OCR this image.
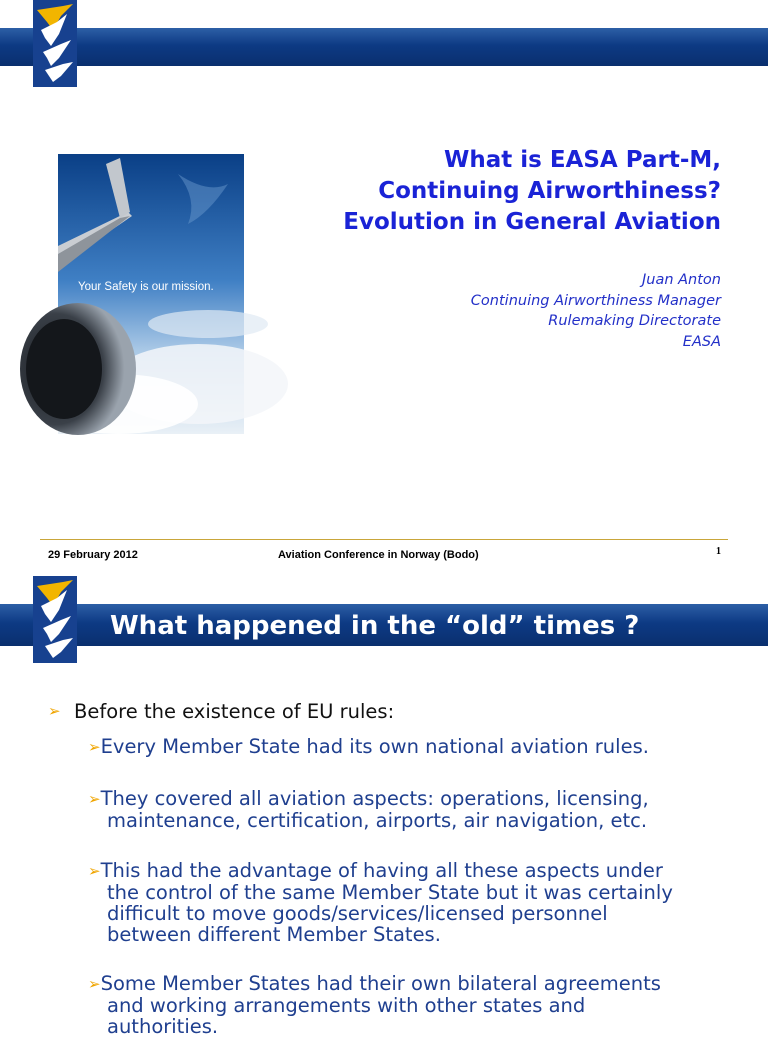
Your Safety is our mission.
What is EASA Part-M,
Continuing Airworthiness?
Evolution in General Aviation
Juan Anton
Continuing Airworthiness Manager
Rulemaking Directorate
EASA
29 February 2012	Aviation Conference in Norway (Bodo)	1
What happened in the “old” times ?
➢ Before the existence of EU rules:
➢Every Member State had its own national aviation rules.
➢They covered all aviation aspects: operations, licensing,
maintenance, certification, airports, air navigation, etc.
➢This had the advantage of having all these aspects under
the control of the same Member State but it was certainly
difficult to move goods/services/licensed personnel
between different Member States.
➢Some Member States had their own bilateral agreements
and working arrangements with other states and
authorities.
